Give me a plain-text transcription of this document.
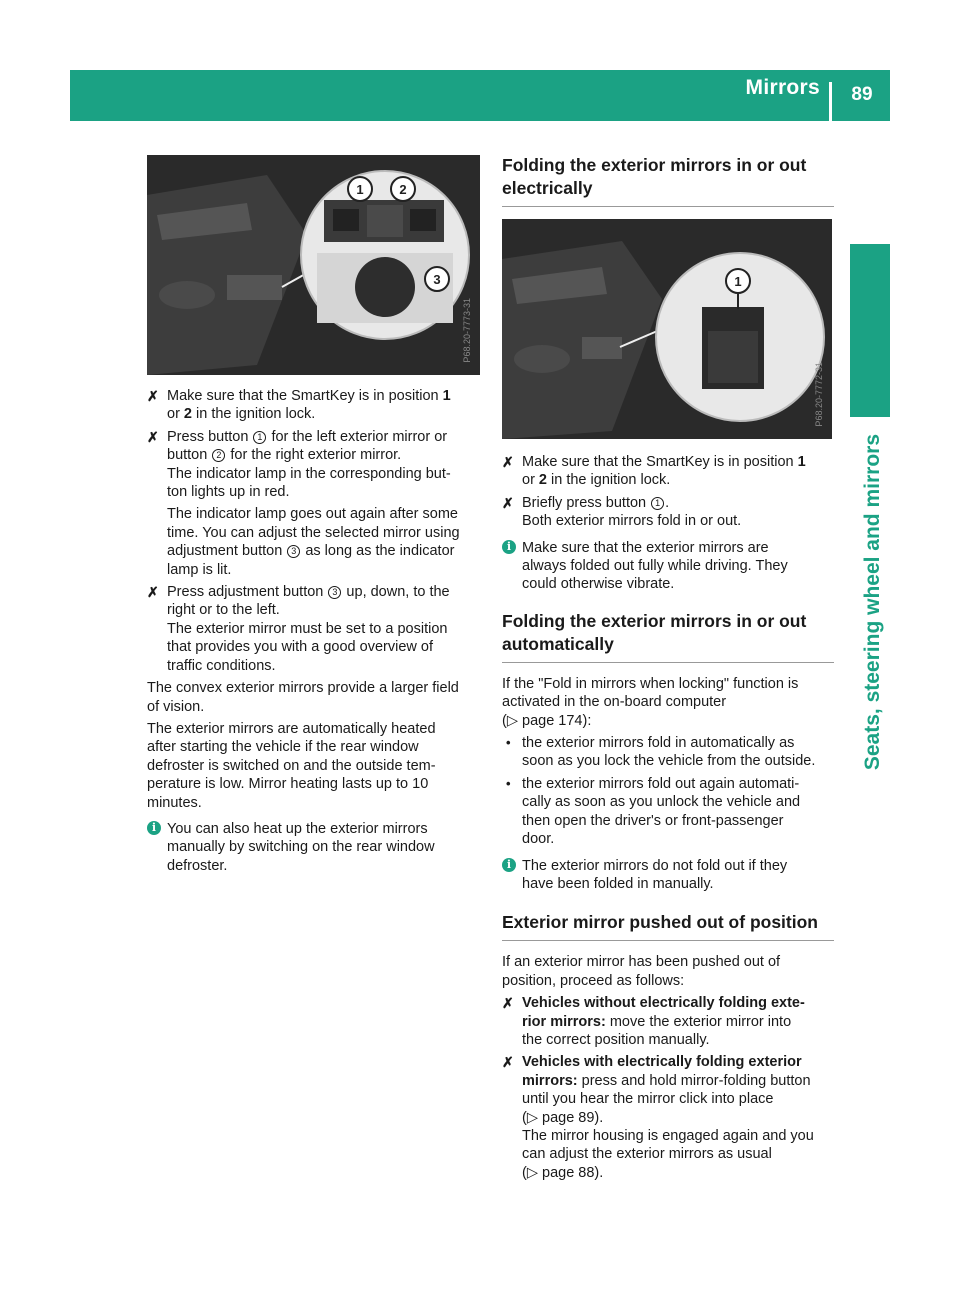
Mirrors	89
Seats, steering wheel and mirrors
1	2
3
P68.20-7773-31
✗ Make sure that the SmartKey is in position 1
or 2 in the ignition lock.
✗ Press button 1 for the left exterior mirror or
button 2 for the right exterior mirror.
The indicator lamp in the corresponding but-
ton lights up in red.
The indicator lamp goes out again after some
time. You can adjust the selected mirror using
adjustment button 3 as long as the indicator
lamp is lit.
✗ Press adjustment button 3 up, down, to the
right or to the left.
The exterior mirror must be set to a position
that provides you with a good overview of
traffic conditions.
The convex exterior mirrors provide a larger field
of vision.
The exterior mirrors are automatically heated
after starting the vehicle if the rear window
defroster is switched on and the outside tem-
perature is low. Mirror heating lasts up to 10
minutes.
i You can also heat up the exterior mirrors
manually by switching on the rear window
defroster.
Folding the exterior mirrors in or out
electrically
1
P68.20-7772-31
✗ Make sure that the SmartKey is in position 1
or 2 in the ignition lock.
✗ Briefly press button 1 .
Both exterior mirrors fold in or out.
i Make sure that the exterior mirrors are
always folded out fully while driving. They
could otherwise vibrate.
Folding the exterior mirrors in or out
automatically
If the "Fold in mirrors when locking" function is
activated in the on-board computer
(▷ page 174):
• the exterior mirrors fold in automatically as
soon as you lock the vehicle from the outside.
• the exterior mirrors fold out again automati-
cally as soon as you unlock the vehicle and
then open the driver's or front-passenger
door.
i The exterior mirrors do not fold out if they
have been folded in manually.
Exterior mirror pushed out of position
If an exterior mirror has been pushed out of
position, proceed as follows:
✗ Vehicles without electrically folding exte-
rior mirrors: move the exterior mirror into
the correct position manually.
✗ Vehicles with electrically folding exterior
mirrors: press and hold mirror-folding button
until you hear the mirror click into place
(▷ page 89).
The mirror housing is engaged again and you
can adjust the exterior mirrors as usual
(▷ page 88).
